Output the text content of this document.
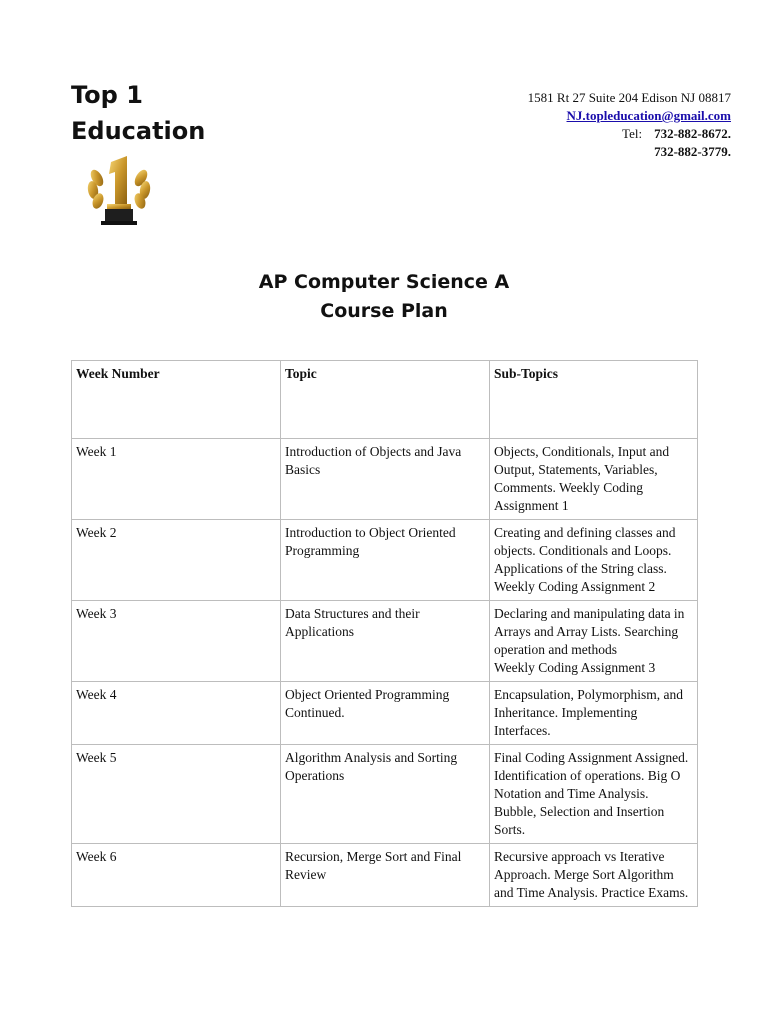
Top 1
Education
1581 Rt 27 Suite 204 Edison NJ 08817
NJ.topleducation@gmail.com
Tel: 732-882-8672.
732-882-3779.
AP Computer Science A
Course Plan
Week Number	Topic	Sub-Topics
Week 1	Introduction of Objects and Java Basics	Objects, Conditionals, Input and Output, Statements, Variables, Comments. Weekly Coding Assignment 1
Week 2	Introduction to Object Oriented Programming	Creating and defining classes and objects. Conditionals and Loops. Applications of the String class. Weekly Coding Assignment 2
Week 3	Data Structures and their Applications	Declaring and manipulating data in Arrays and Array Lists. Searching operation and methods
Weekly Coding Assignment 3
Week 4	Object Oriented Programming Continued.	Encapsulation, Polymorphism, and Inheritance. Implementing Interfaces.
Week 5	Algorithm Analysis and Sorting Operations	Final Coding Assignment Assigned. Identification of operations. Big O Notation and Time Analysis. Bubble, Selection and Insertion Sorts.
Week 6	Recursion, Merge Sort and Final Review	Recursive approach vs Iterative Approach. Merge Sort Algorithm and Time Analysis. Practice Exams.
